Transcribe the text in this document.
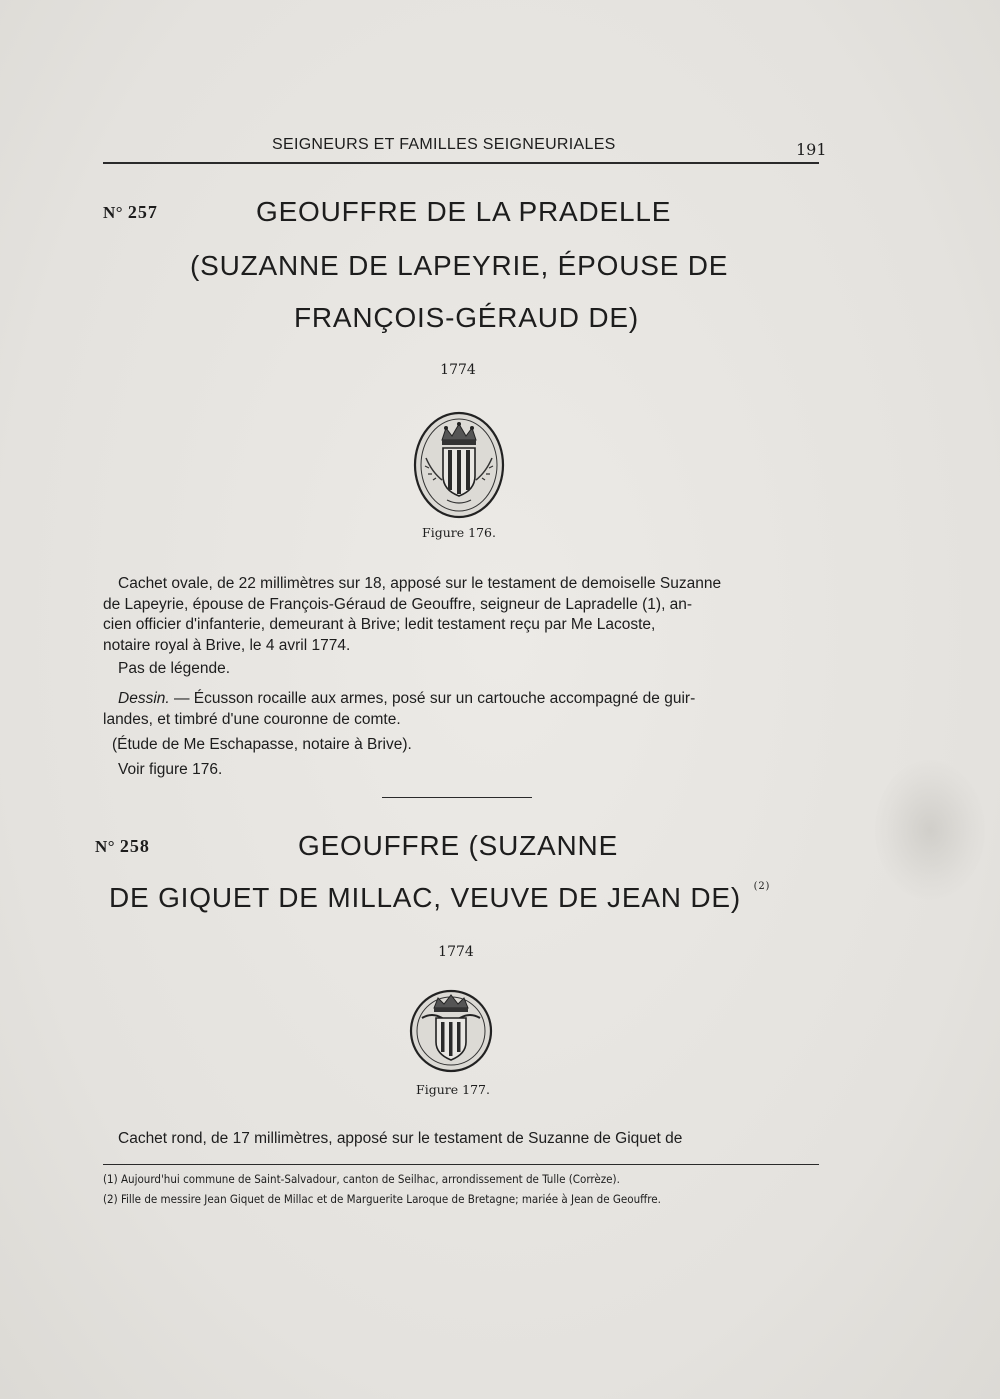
SEIGNEURS ET FAMILLES SEIGNEURIALES	191
N° 257	GEOUFFRE DE LA PRADELLE
(SUZANNE DE LAPEYRIE, ÉPOUSE DE
FRANÇOIS-GÉRAUD DE)
1774
Figure 176.
Cachet ovale, de 22 millimètres sur 18, apposé sur le testament de demoiselle Suzanne
de Lapeyrie, épouse de François-Géraud de Geouffre, seigneur de Lapradelle (1), an-
cien officier d'infanterie, demeurant à Brive; ledit testament reçu par Me Lacoste,
notaire royal à Brive, le 4 avril 1774.
Pas de légende.
Dessin. — Écusson rocaille aux armes, posé sur un cartouche accompagné de guir-
landes, et timbré d'une couronne de comte.
(Étude de Me Eschapasse, notaire à Brive).
Voir figure 176.
N° 258	GEOUFFRE (SUZANNE
DE GIQUET DE MILLAC, VEUVE DE JEAN DE) $^{(2)}$
1774
Figure 177.
Cachet rond, de 17 millimètres, apposé sur le testament de Suzanne de Giquet de
(1) Aujourd'hui commune de Saint-Salvadour, canton de Seilhac, arrondissement de Tulle (Corrèze).
(2) Fille de messire Jean Giquet de Millac et de Marguerite Laroque de Bretagne; mariée à Jean de Geouffre.
